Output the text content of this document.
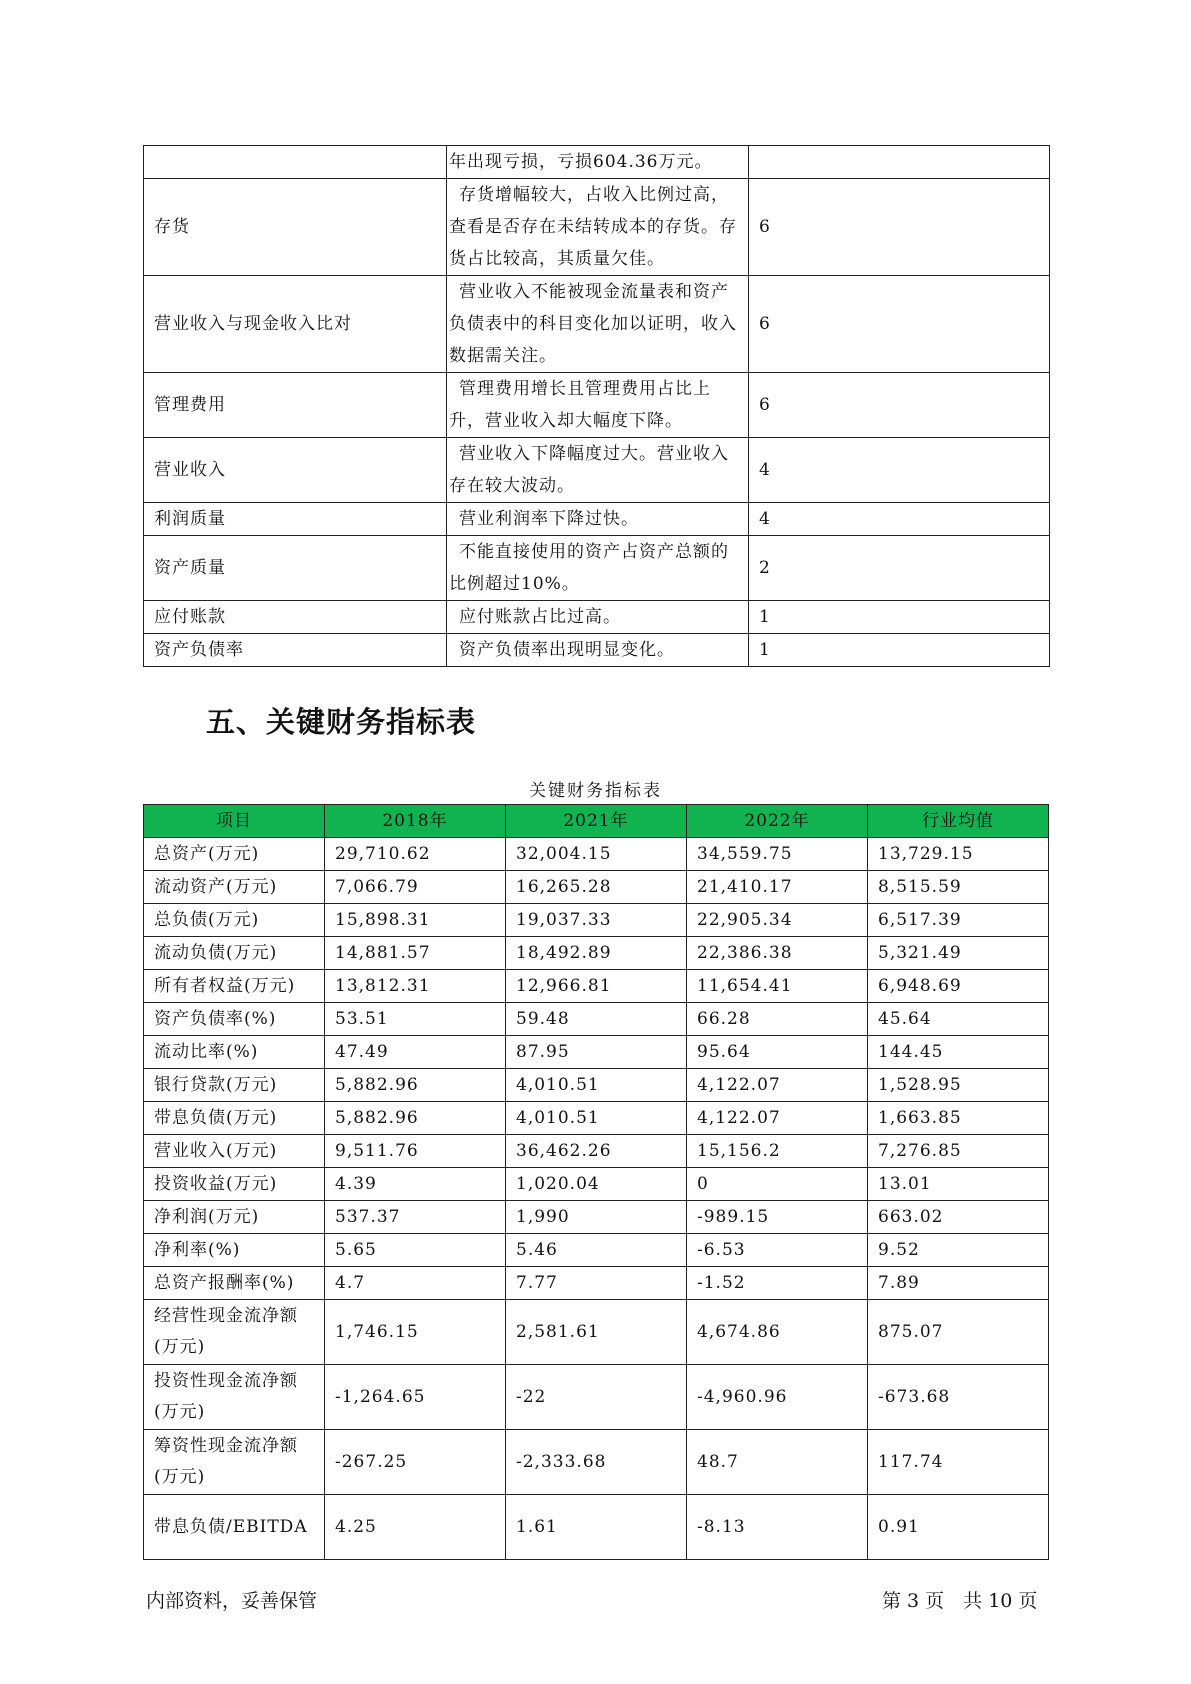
	年出现亏损，亏损604.36万元。	
存货	存货增幅较大，占收入比例过高，查看是否存在未结转成本的存货。存货占比较高，其质量欠佳。	6
营业收入与现金收入比对	营业收入不能被现金流量表和资产负债表中的科目变化加以证明，收入数据需关注。	6
管理费用	管理费用增长且管理费用占比上升，营业收入却大幅度下降。	6
营业收入	营业收入下降幅度过大。营业收入存在较大波动。	4
利润质量	营业利润率下降过快。	4
资产质量	不能直接使用的资产占资产总额的比例超过10%。	2
应付账款	应付账款占比过高。	1
资产负债率	资产负债率出现明显变化。	1
五、关键财务指标表
关键财务指标表
项目	2018年	2021年	2022年	行业均值
总资产(万元)	29,710.62	32,004.15	34,559.75	13,729.15
流动资产(万元)	7,066.79	16,265.28	21,410.17	8,515.59
总负债(万元)	15,898.31	19,037.33	22,905.34	6,517.39
流动负债(万元)	14,881.57	18,492.89	22,386.38	5,321.49
所有者权益(万元)	13,812.31	12,966.81	11,654.41	6,948.69
资产负债率(%)	53.51	59.48	66.28	45.64
流动比率(%)	47.49	87.95	95.64	144.45
银行贷款(万元)	5,882.96	4,010.51	4,122.07	1,528.95
带息负债(万元)	5,882.96	4,010.51	4,122.07	1,663.85
营业收入(万元)	9,511.76	36,462.26	15,156.2	7,276.85
投资收益(万元)	4.39	1,020.04	0	13.01
净利润(万元)	537.37	1,990	-989.15	663.02
净利率(%)	5.65	5.46	-6.53	9.52
总资产报酬率(%)	4.7	7.77	-1.52	7.89
经营性现金流净额(万元)	1,746.15	2,581.61	4,674.86	875.07
投资性现金流净额(万元)	-1,264.65	-22	-4,960.96	-673.68
筹资性现金流净额(万元)	-267.25	-2,333.68	48.7	117.74
带息负债/EBITDA	4.25	1.61	-8.13	0.91
内部资料，妥善保管	第 3 页　共 10 页
